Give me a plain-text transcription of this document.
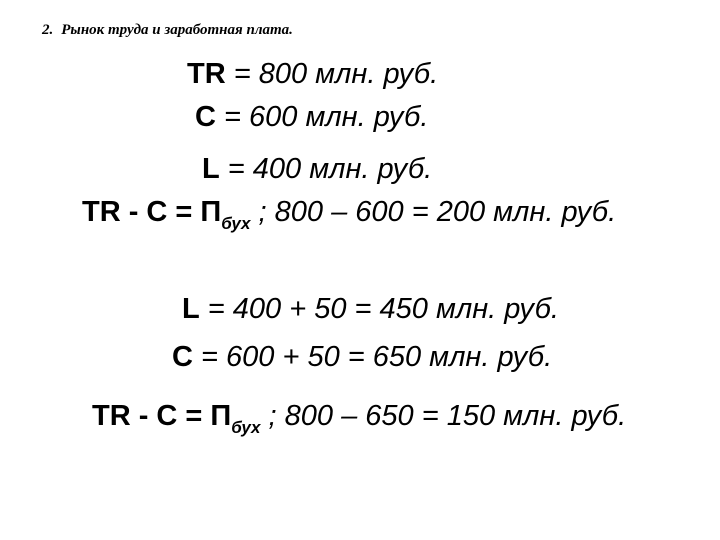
2. Рынок труда и заработная плата.
TR = 800 млн. руб.
C = 600 млн. руб.
L = 400 млн. руб.
TR - $C = П_{бух}$ ; 800 – 600 = 200 млн. руб.
L = 400 + 50 = 450 млн. руб.
C = 600 + 50 = 650 млн. руб.
TR - $C = П_{бух}$ ; 800 – 650 = 150 млн. руб.
